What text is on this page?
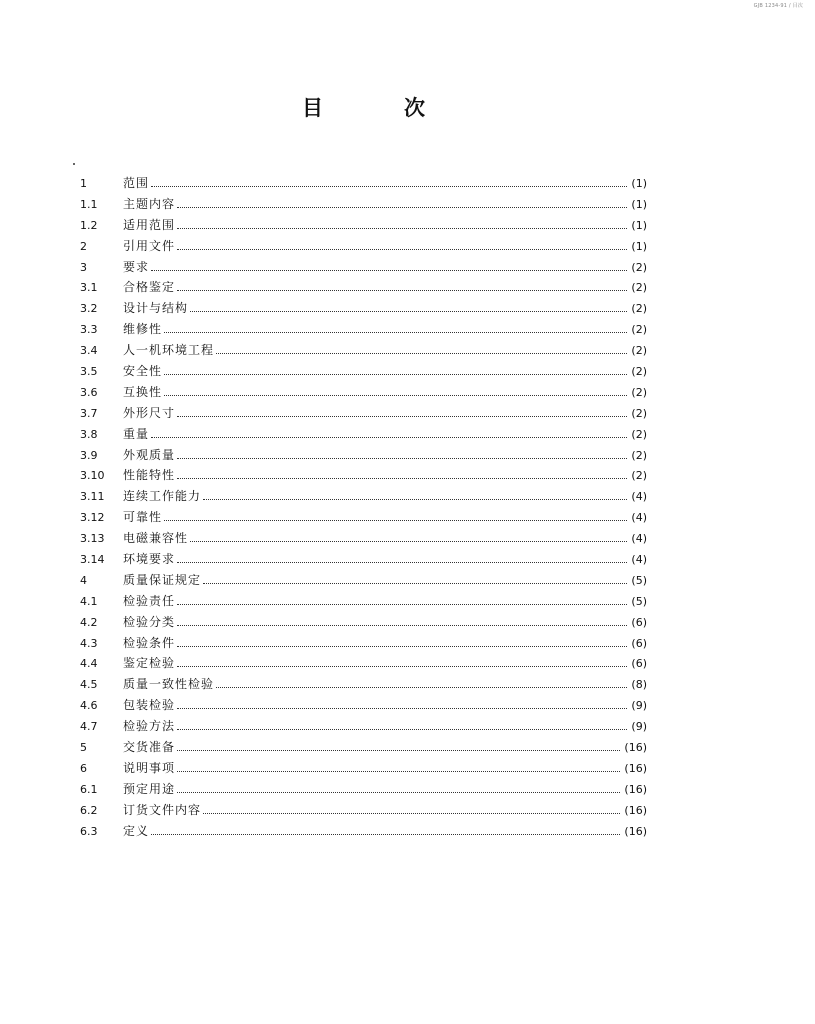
GJB 1234-91 / 目次
目	次
1	范围	(1)
1.1	主题内容	(1)
1.2	适用范围	(1)
2	引用文件	(1)
3	要求	(2)
3.1	合格鉴定	(2)
3.2	设计与结构	(2)
3.3	维修性	(2)
3.4	人一机环境工程	(2)
3.5	安全性	(2)
3.6	互换性	(2)
3.7	外形尺寸	(2)
3.8	重量	(2)
3.9	外观质量	(2)
3.10	性能特性	(2)
3.11	连续工作能力	(4)
3.12	可靠性	(4)
3.13	电磁兼容性	(4)
3.14	环境要求	(4)
4	质量保证规定	(5)
4.1	检验责任	(5)
4.2	检验分类	(6)
4.3	检验条件	(6)
4.4	鉴定检验	(6)
4.5	质量一致性检验	(8)
4.6	包装检验	(9)
4.7	检验方法	(9)
5	交货准备	(16)
6	说明事项	(16)
6.1	预定用途	(16)
6.2	订货文件内容	(16)
6.3	定义	(16)
